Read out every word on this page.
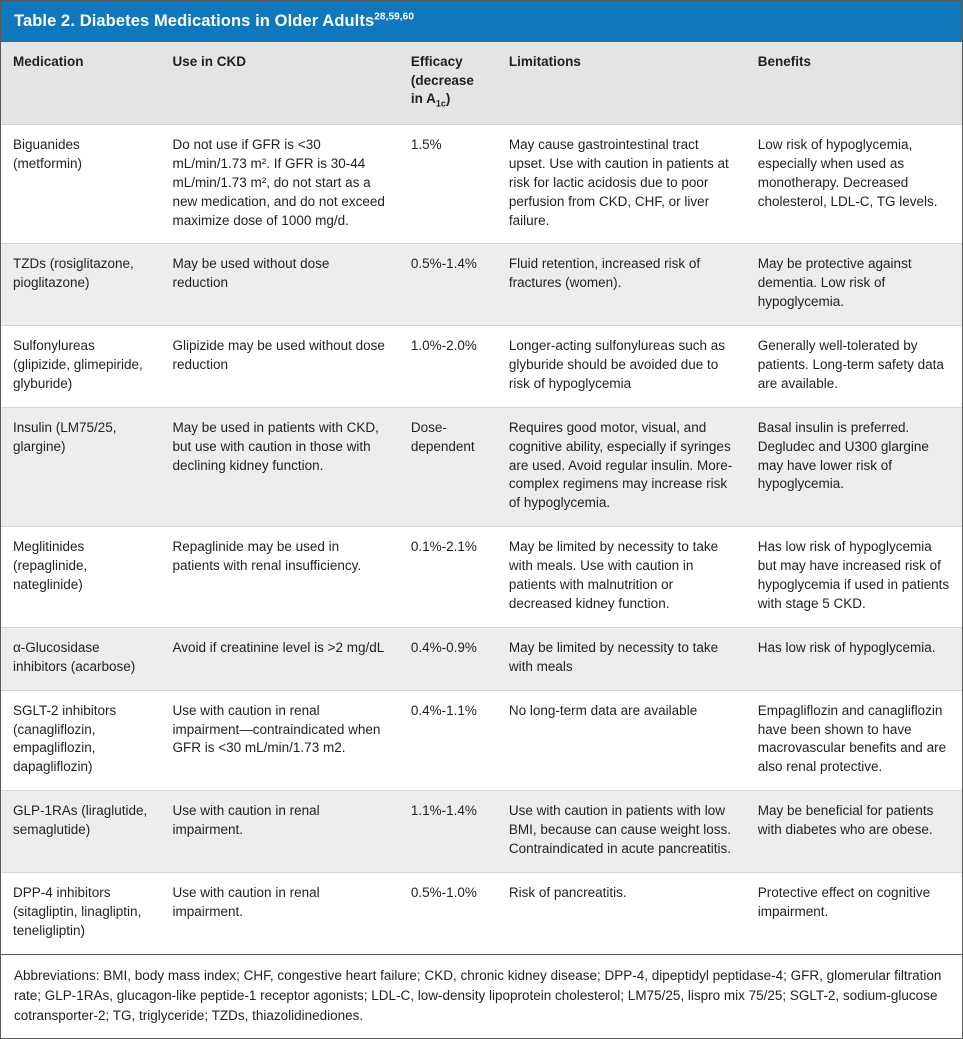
Table 2. Diabetes Medications in Older Adults$^{28,59,60}$
Medication	Use in CKD	Efficacy (decrease in $A_{1c}$)	Limitations	Benefits
Biguanides (metformin)	Do not use if GFR is <30 mL/min/1.73 m². If GFR is 30-44 mL/min/1.73 m², do not start as a new medication, and do not exceed maximize dose of 1000 mg/d.	1.5%	May cause gastrointestinal tract upset. Use with caution in patients at risk for lactic acidosis due to poor perfusion from CKD, CHF, or liver failure.	Low risk of hypoglycemia, especially when used as monotherapy. Decreased cholesterol, LDL-C, TG levels.
TZDs (rosiglitazone, pioglitazone)	May be used without dose reduction	0.5%-1.4%	Fluid retention, increased risk of fractures (women).	May be protective against dementia. Low risk of hypoglycemia.
Sulfonylureas (glipizide, glimepiride, glyburide)	Glipizide may be used without dose reduction	1.0%-2.0%	Longer-acting sulfonylureas such as glyburide should be avoided due to risk of hypoglycemia	Generally well-tolerated by patients. Long-term safety data are available.
Insulin (LM75/25, glargine)	May be used in patients with CKD, but use with caution in those with declining kidney function.	Dose-dependent	Requires good motor, visual, and cognitive ability, especially if syringes are used. Avoid regular insulin. More-complex regimens may increase risk of hypoglycemia.	Basal insulin is preferred. Degludec and U300 glargine may have lower risk of hypoglycemia.
Meglitinides (repaglinide, nateglinide)	Repaglinide may be used in patients with renal insufficiency.	0.1%-2.1%	May be limited by necessity to take with meals. Use with caution in patients with malnutrition or decreased kidney function.	Has low risk of hypoglycemia but may have increased risk of hypoglycemia if used in patients with stage 5 CKD.
α-Glucosidase inhibitors (acarbose)	Avoid if creatinine level is >2 mg/dL	0.4%-0.9%	May be limited by necessity to take with meals	Has low risk of hypoglycemia.
SGLT-2 inhibitors (canagliflozin, empagliflozin, dapagliflozin)	Use with caution in renal impairment—contraindicated when GFR is <30 mL/min/1.73 m2.	0.4%-1.1%	No long-term data are available	Empagliflozin and canagliflozin have been shown to have macrovascular benefits and are also renal protective.
GLP-1RAs (liraglutide, semaglutide)	Use with caution in renal impairment.	1.1%-1.4%	Use with caution in patients with low BMI, because can cause weight loss. Contraindicated in acute pancreatitis.	May be beneficial for patients with diabetes who are obese.
DPP-4 inhibitors (sitagliptin, linagliptin, teneligliptin)	Use with caution in renal impairment.	0.5%-1.0%	Risk of pancreatitis.	Protective effect on cognitive impairment.
Abbreviations: BMI, body mass index; CHF, congestive heart failure; CKD, chronic kidney disease; DPP-4, dipeptidyl peptidase-4; GFR, glomerular filtration rate; GLP-1RAs, glucagon-like peptide-1 receptor agonists; LDL-C, low-density lipoprotein cholesterol; LM75/25, lispro mix 75/25; SGLT-2, sodium-glucose cotransporter-2; TG, triglyceride; TZDs, thiazolidinediones.
